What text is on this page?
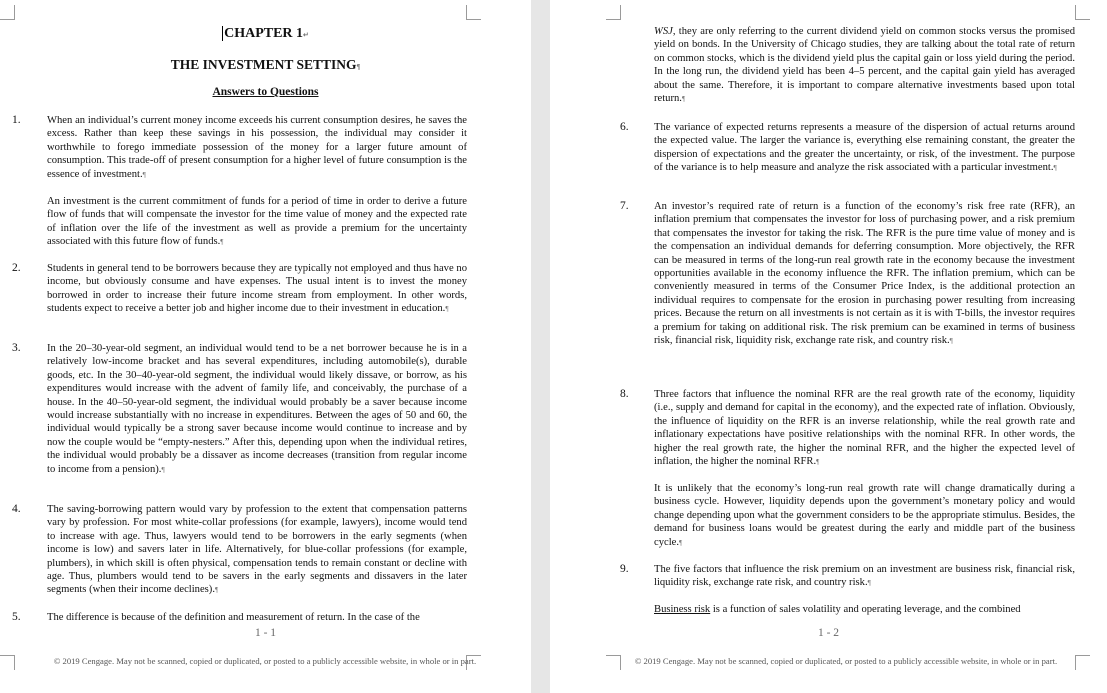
CHAPTER 1↵
THE INVESTMENT SETTING¶
Answers to Questions
1. When an individual’s current money income exceeds his current consumption desires, he saves the excess. Rather than keep these savings in his possession, the individual may consider it worthwhile to forego immediate possession of the money for a larger future amount of consumption. This trade-off of present consumption for a higher level of future consumption is the essence of investment.¶

An investment is the current commitment of funds for a period of time in order to derive a future flow of funds that will compensate the investor for the time value of money and the expected rate of inflation over the life of the investment as well as provide a premium for the uncertainty associated with this future flow of funds.¶

2. Students in general tend to be borrowers because they are typically not employed and thus have no income, but obviously consume and have expenses. The usual intent is to invest the money borrowed in order to increase their future income stream from employment. In other words, students expect to receive a better job and higher income due to their investment in education.¶

3. In the 20–30-year-old segment, an individual would tend to be a net borrower because he is in a relatively low-income bracket and has several expenditures, including automobile(s), durable goods, etc. In the 30–40-year-old segment, the individual would likely dissave, or borrow, as his expenditures would increase with the advent of family life, and conceivably, the purchase of a house. In the 40–50-year-old segment, the individual would probably be a saver because income would increase substantially with no increase in expenditures. Between the ages of 50 and 60, the individual would typically be a strong saver because income would continue to increase and by now the couple would be “empty-nesters.” After this, depending upon when the individual retires, the individual would probably be a dissaver as income decreases (transition from regular income to income from a pension).¶

4. The saving-borrowing pattern would vary by profession to the extent that compensation patterns vary by profession. For most white-collar professions (for example, lawyers), income would tend to increase with age. Thus, lawyers would tend to be borrowers in the early segments (when income is low) and savers later in life. Alternatively, for blue-collar professions (for example, plumbers), in which skill is often physical, compensation tends to remain constant or decline with age. Thus, plumbers would tend to be savers in the early segments and dissavers in the later segments (when their income declines).¶

5. The difference is because of the definition and measurement of return. In the case of the

1 - 1
© 2019 Cengage. May not be scanned, copied or duplicated, or posted to a publicly accessible website, in whole or in part.

WSJ, they are only referring to the current dividend yield on common stocks versus the promised yield on bonds. In the University of Chicago studies, they are talking about the total rate of return on common stocks, which is the dividend yield plus the capital gain or loss yield during the period. In the long run, the dividend yield has been 4–5 percent, and the capital gain yield has averaged about the same. Therefore, it is important to compare alternative investments based upon total return.¶

6. The variance of expected returns represents a measure of the dispersion of actual returns around the expected value. The larger the variance is, everything else remaining constant, the greater the dispersion of expectations and the greater the uncertainty, or risk, of the investment. The purpose of the variance is to help measure and analyze the risk associated with a particular investment.¶

7. An investor’s required rate of return is a function of the economy’s risk free rate (RFR), an inflation premium that compensates the investor for loss of purchasing power, and a risk premium that compensates the investor for taking the risk. The RFR is the pure time value of money and is the compensation an individual demands for deferring consumption. More objectively, the RFR can be measured in terms of the long-run real growth rate in the economy because the investment opportunities available in the economy influence the RFR. The inflation premium, which can be conveniently measured in terms of the Consumer Price Index, is the additional protection an individual requires to compensate for the erosion in purchasing power resulting from increasing prices. Because the return on all investments is not certain as it is with T-bills, the investor requires a premium for taking on additional risk. The risk premium can be examined in terms of business risk, financial risk, liquidity risk, exchange rate risk, and country risk.¶

8. Three factors that influence the nominal RFR are the real growth rate of the economy, liquidity (i.e., supply and demand for capital in the economy), and the expected rate of inflation. Obviously, the influence of liquidity on the RFR is an inverse relationship, while the real growth rate and inflationary expectations have positive relationships with the nominal RFR. In other words, the higher the real growth rate, the higher the nominal RFR, and the higher the expected level of inflation, the higher the nominal RFR.¶

It is unlikely that the economy’s long-run real growth rate will change dramatically during a business cycle. However, liquidity depends upon the government’s monetary policy and would change depending upon what the government considers to be the appropriate stimulus. Besides, the demand for business loans would be greatest during the early and middle part of the business cycle.¶

9. The five factors that influence the risk premium on an investment are business risk, financial risk, liquidity risk, exchange rate risk, and country risk.¶

Business risk is a function of sales volatility and operating leverage, and the combined

1 - 2
© 2019 Cengage. May not be scanned, copied or duplicated, or posted to a publicly accessible website, in whole or in part.
